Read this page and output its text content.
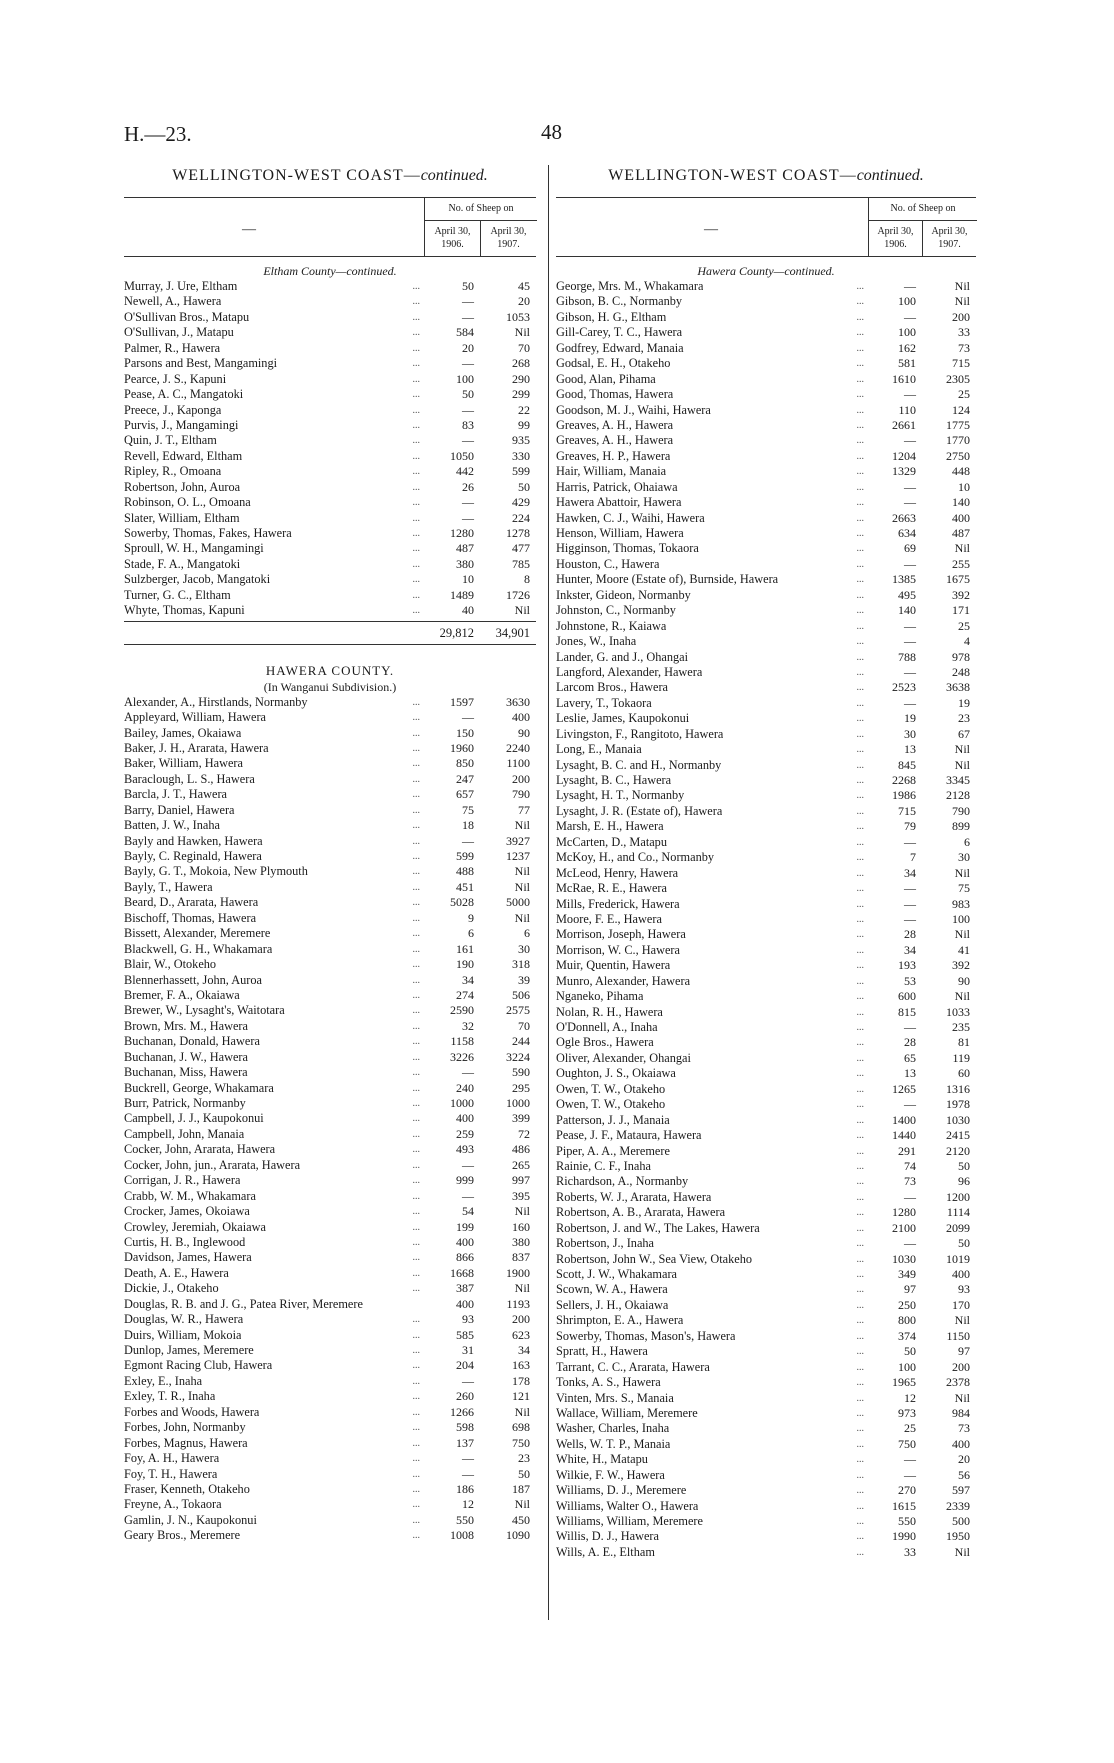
H.—23.	48
WELLINGTON-WEST COAST—continued.
—
No. of Sheep on
April 30, 1906.
April 30, 1907.
Eltham County—continued.
Murray, J. Ure, Eltham	...	50	45
Newell, A., Hawera	...	—	20
O'Sullivan Bros., Matapu	...	—	1053
O'Sullivan, J., Matapu	...	584	Nil
Palmer, R., Hawera	...	20	70
Parsons and Best, Mangamingi	...	—	268
Pearce, J. S., Kapuni	...	100	290
Pease, A. C., Mangatoki	...	50	299
Preece, J., Kaponga	...	—	22
Purvis, J., Mangamingi	...	83	99
Quin, J. T., Eltham	...	—	935
Revell, Edward, Eltham	...	1050	330
Ripley, R., Omoana	...	442	599
Robertson, John, Auroa	...	26	50
Robinson, O. L., Omoana	...	—	429
Slater, William, Eltham	...	—	224
Sowerby, Thomas, Fakes, Hawera	...	1280	1278
Sproull, W. H., Mangamingi	...	487	477
Stade, F. A., Mangatoki	...	380	785
Sulzberger, Jacob, Mangatoki	...	10	8
Turner, G. C., Eltham	...	1489	1726
Whyte, Thomas, Kapuni	...	40	Nil
29,812	34,901
HAWERA COUNTY.
(In Wanganui Subdivision.)
Alexander, A., Hirstlands, Normanby	...	1597	3630
Appleyard, William, Hawera	...	—	400
Bailey, James, Okaiawa	...	150	90
Baker, J. H., Ararata, Hawera	...	1960	2240
Baker, William, Hawera	...	850	1100
Baraclough, L. S., Hawera	...	247	200
Barcla, J. T., Hawera	...	657	790
Barry, Daniel, Hawera	...	75	77
Batten, J. W., Inaha	...	18	Nil
Bayly and Hawken, Hawera	...	—	3927
Bayly, C. Reginald, Hawera	...	599	1237
Bayly, G. T., Mokoia, New Plymouth	...	488	Nil
Bayly, T., Hawera	...	451	Nil
Beard, D., Ararata, Hawera	...	5028	5000
Bischoff, Thomas, Hawera	...	9	Nil
Bissett, Alexander, Meremere	...	6	6
Blackwell, G. H., Whakamara	...	161	30
Blair, W., Otokeho	...	190	318
Blennerhassett, John, Auroa	...	34	39
Bremer, F. A., Okaiawa	...	274	506
Brewer, W., Lysaght's, Waitotara	...	2590	2575
Brown, Mrs. M., Hawera	...	32	70
Buchanan, Donald, Hawera	...	1158	244
Buchanan, J. W., Hawera	...	3226	3224
Buchanan, Miss, Hawera	...	—	590
Buckrell, George, Whakamara	...	240	295
Burr, Patrick, Normanby	...	1000	1000
Campbell, J. J., Kaupokonui	...	400	399
Campbell, John, Manaia	...	259	72
Cocker, John, Ararata, Hawera	...	493	486
Cocker, John, jun., Ararata, Hawera	...	—	265
Corrigan, J. R., Hawera	...	999	997
Crabb, W. M., Whakamara	...	—	395
Crocker, James, Okoiawa	...	54	Nil
Crowley, Jeremiah, Okaiawa	...	199	160
Curtis, H. B., Inglewood	...	400	380
Davidson, James, Hawera	...	866	837
Death, A. E., Hawera	...	1668	1900
Dickie, J., Otakeho	...	387	Nil
Douglas, R. B. and J. G., Patea River, Meremere	400	1193
Douglas, W. R., Hawera	...	93	200
Duirs, William, Mokoia	...	585	623
Dunlop, James, Meremere	...	31	34
Egmont Racing Club, Hawera	...	204	163
Exley, E., Inaha	...	—	178
Exley, T. R., Inaha	...	260	121
Forbes and Woods, Hawera	...	1266	Nil
Forbes, John, Normanby	...	598	698
Forbes, Magnus, Hawera	...	137	750
Foy, A. H., Hawera	...	—	23
Foy, T. H., Hawera	...	—	50
Fraser, Kenneth, Otakeho	...	186	187
Freyne, A., Tokaora	...	12	Nil
Gamlin, J. N., Kaupokonui	...	550	450
Geary Bros., Meremere	...	1008	1090
WELLINGTON-WEST COAST—continued.
—
No. of Sheep on
April 30, 1906.
April 30, 1907.
Hawera County—continued.
George, Mrs. M., Whakamara	...	—	Nil
Gibson, B. C., Normanby	...	100	Nil
Gibson, H. G., Eltham	...	—	200
Gill-Carey, T. C., Hawera	...	100	33
Godfrey, Edward, Manaia	...	162	73
Godsal, E. H., Otakeho	...	581	715
Good, Alan, Pihama	...	1610	2305
Good, Thomas, Hawera	...	—	25
Goodson, M. J., Waihi, Hawera	...	110	124
Greaves, A. H., Hawera	...	2661	1775
Greaves, A. H., Hawera	...	—	1770
Greaves, H. P., Hawera	...	1204	2750
Hair, William, Manaia	...	1329	448
Harris, Patrick, Ohaiawa	...	—	10
Hawera Abattoir, Hawera	...	—	140
Hawken, C. J., Waihi, Hawera	...	2663	400
Henson, William, Hawera	...	634	487
Higginson, Thomas, Tokaora	...	69	Nil
Houston, C., Hawera	...	—	255
Hunter, Moore (Estate of), Burnside, Hawera	...	1385	1675
Inkster, Gideon, Normanby	...	495	392
Johnston, C., Normanby	...	140	171
Johnstone, R., Kaiawa	...	—	25
Jones, W., Inaha	...	—	4
Lander, G. and J., Ohangai	...	788	978
Langford, Alexander, Hawera	...	—	248
Larcom Bros., Hawera	...	2523	3638
Lavery, T., Tokaora	...	—	19
Leslie, James, Kaupokonui	...	19	23
Livingston, F., Rangitoto, Hawera	...	30	67
Long, E., Manaia	...	13	Nil
Lysaght, B. C. and H., Normanby	...	845	Nil
Lysaght, B. C., Hawera	...	2268	3345
Lysaght, H. T., Normanby	...	1986	2128
Lysaght, J. R. (Estate of), Hawera	...	715	790
Marsh, E. H., Hawera	...	79	899
McCarten, D., Matapu	...	—	6
McKoy, H., and Co., Normanby	...	7	30
McLeod, Henry, Hawera	...	34	Nil
McRae, R. E., Hawera	...	—	75
Mills, Frederick, Hawera	...	—	983
Moore, F. E., Hawera	...	—	100
Morrison, Joseph, Hawera	...	28	Nil
Morrison, W. C., Hawera	...	34	41
Muir, Quentin, Hawera	...	193	392
Munro, Alexander, Hawera	...	53	90
Nganeko, Pihama	...	600	Nil
Nolan, R. H., Hawera	...	815	1033
O'Donnell, A., Inaha	...	—	235
Ogle Bros., Hawera	...	28	81
Oliver, Alexander, Ohangai	...	65	119
Oughton, J. S., Okaiawa	...	13	60
Owen, T. W., Otakeho	...	1265	1316
Owen, T. W., Otakeho	...	—	1978
Patterson, J. J., Manaia	...	1400	1030
Pease, J. F., Mataura, Hawera	...	1440	2415
Piper, A. A., Meremere	...	291	2120
Rainie, C. F., Inaha	...	74	50
Richardson, A., Normanby	...	73	96
Roberts, W. J., Ararata, Hawera	...	—	1200
Robertson, A. B., Ararata, Hawera	...	1280	1114
Robertson, J. and W., The Lakes, Hawera	...	2100	2099
Robertson, J., Inaha	...	—	50
Robertson, John W., Sea View, Otakeho	...	1030	1019
Scott, J. W., Whakamara	...	349	400
Scown, W. A., Hawera	...	97	93
Sellers, J. H., Okaiawa	...	250	170
Shrimpton, E. A., Hawera	...	800	Nil
Sowerby, Thomas, Mason's, Hawera	...	374	1150
Spratt, H., Hawera	...	50	97
Tarrant, C. C., Ararata, Hawera	...	100	200
Tonks, A. S., Hawera	...	1965	2378
Vinten, Mrs. S., Manaia	...	12	Nil
Wallace, William, Meremere	...	973	984
Washer, Charles, Inaha	...	25	73
Wells, W. T. P., Manaia	...	750	400
White, H., Matapu	...	—	20
Wilkie, F. W., Hawera	...	—	56
Williams, D. J., Meremere	...	270	597
Williams, Walter O., Hawera	...	1615	2339
Williams, William, Meremere	...	550	500
Willis, D. J., Hawera	...	1990	1950
Wills, A. E., Eltham	...	33	Nil
